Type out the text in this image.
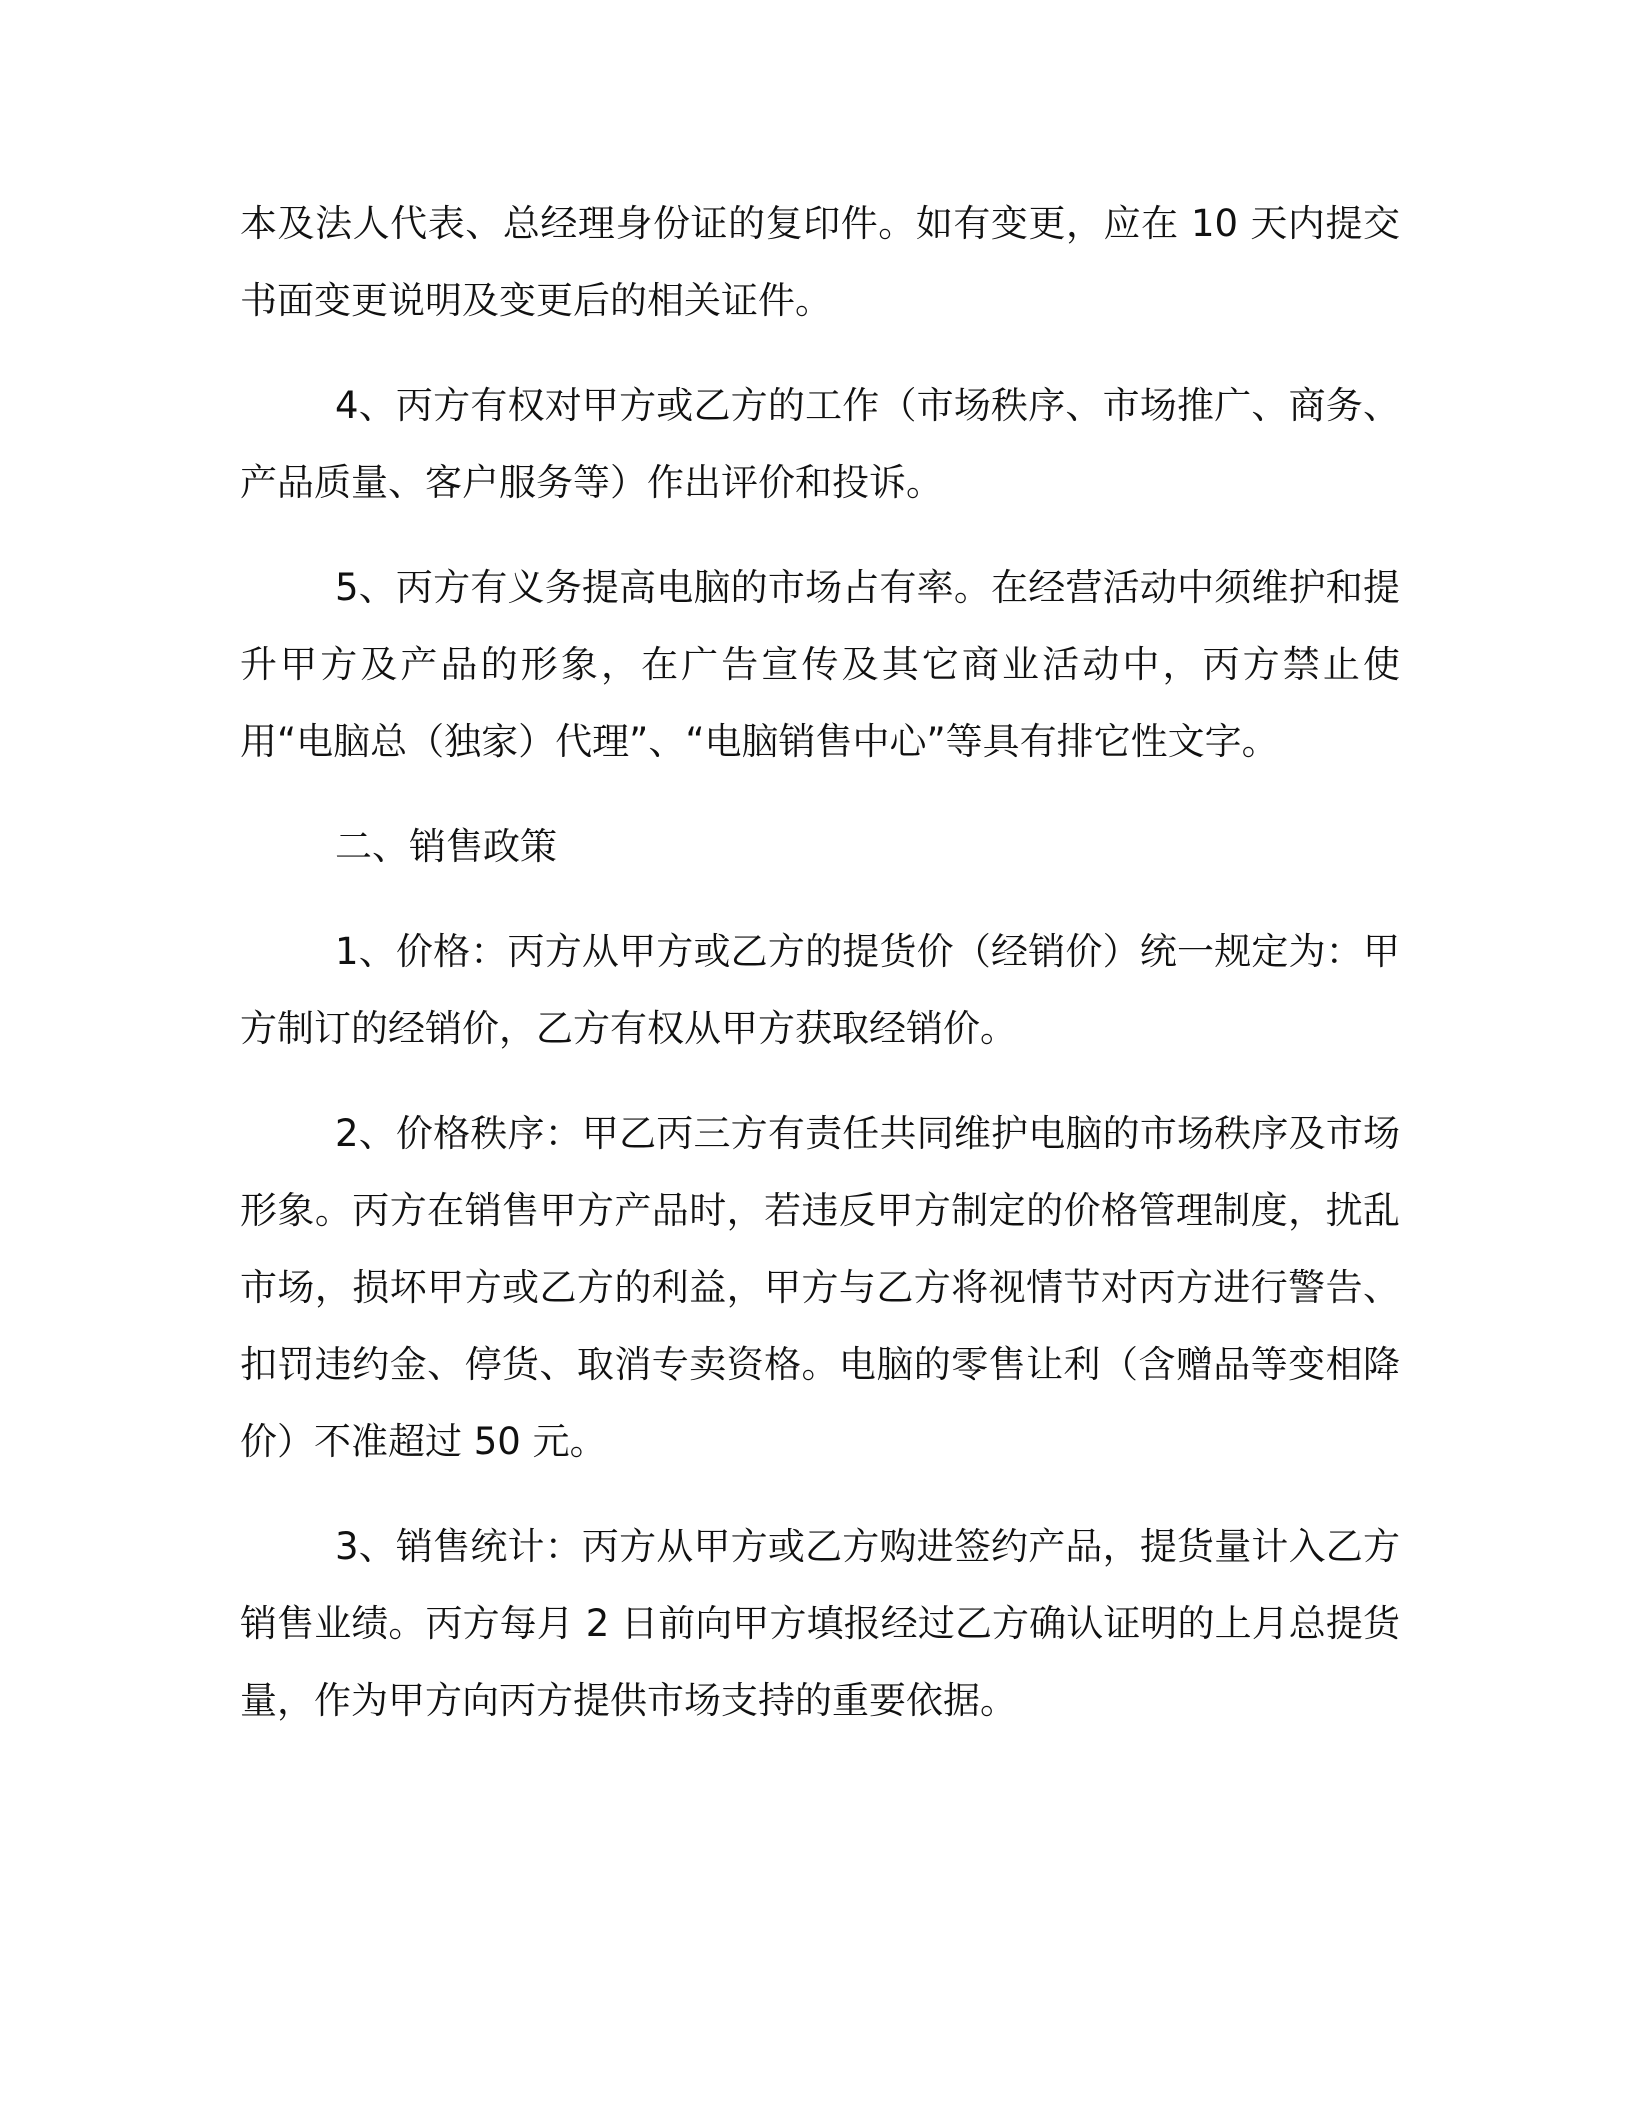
本及法人代表、总经理身份证的复印件。如有变更，应在 10 天内提交书面变更说明及变更后的相关证件。

4、丙方有权对甲方或乙方的工作（市场秩序、市场推广、商务、产品质量、客户服务等）作出评价和投诉。

5、丙方有义务提高电脑的市场占有率。在经营活动中须维护和提升甲方及产品的形象，在广告宣传及其它商业活动中，丙方禁止使用“电脑总（独家）代理”、“电脑销售中心”等具有排它性文字。

二、销售政策

1、价格：丙方从甲方或乙方的提货价（经销价）统一规定为：甲方制订的经销价，乙方有权从甲方获取经销价。

2、价格秩序：甲乙丙三方有责任共同维护电脑的市场秩序及市场形象。丙方在销售甲方产品时，若违反甲方制定的价格管理制度，扰乱市场，损坏甲方或乙方的利益，甲方与乙方将视情节对丙方进行警告、扣罚违约金、停货、取消专卖资格。电脑的零售让利（含赠品等变相降价）不准超过 50 元。

3、销售统计：丙方从甲方或乙方购进签约产品，提货量计入乙方销售业绩。丙方每月 2 日前向甲方填报经过乙方确认证明的上月总提货量，作为甲方向丙方提供市场支持的重要依据。
